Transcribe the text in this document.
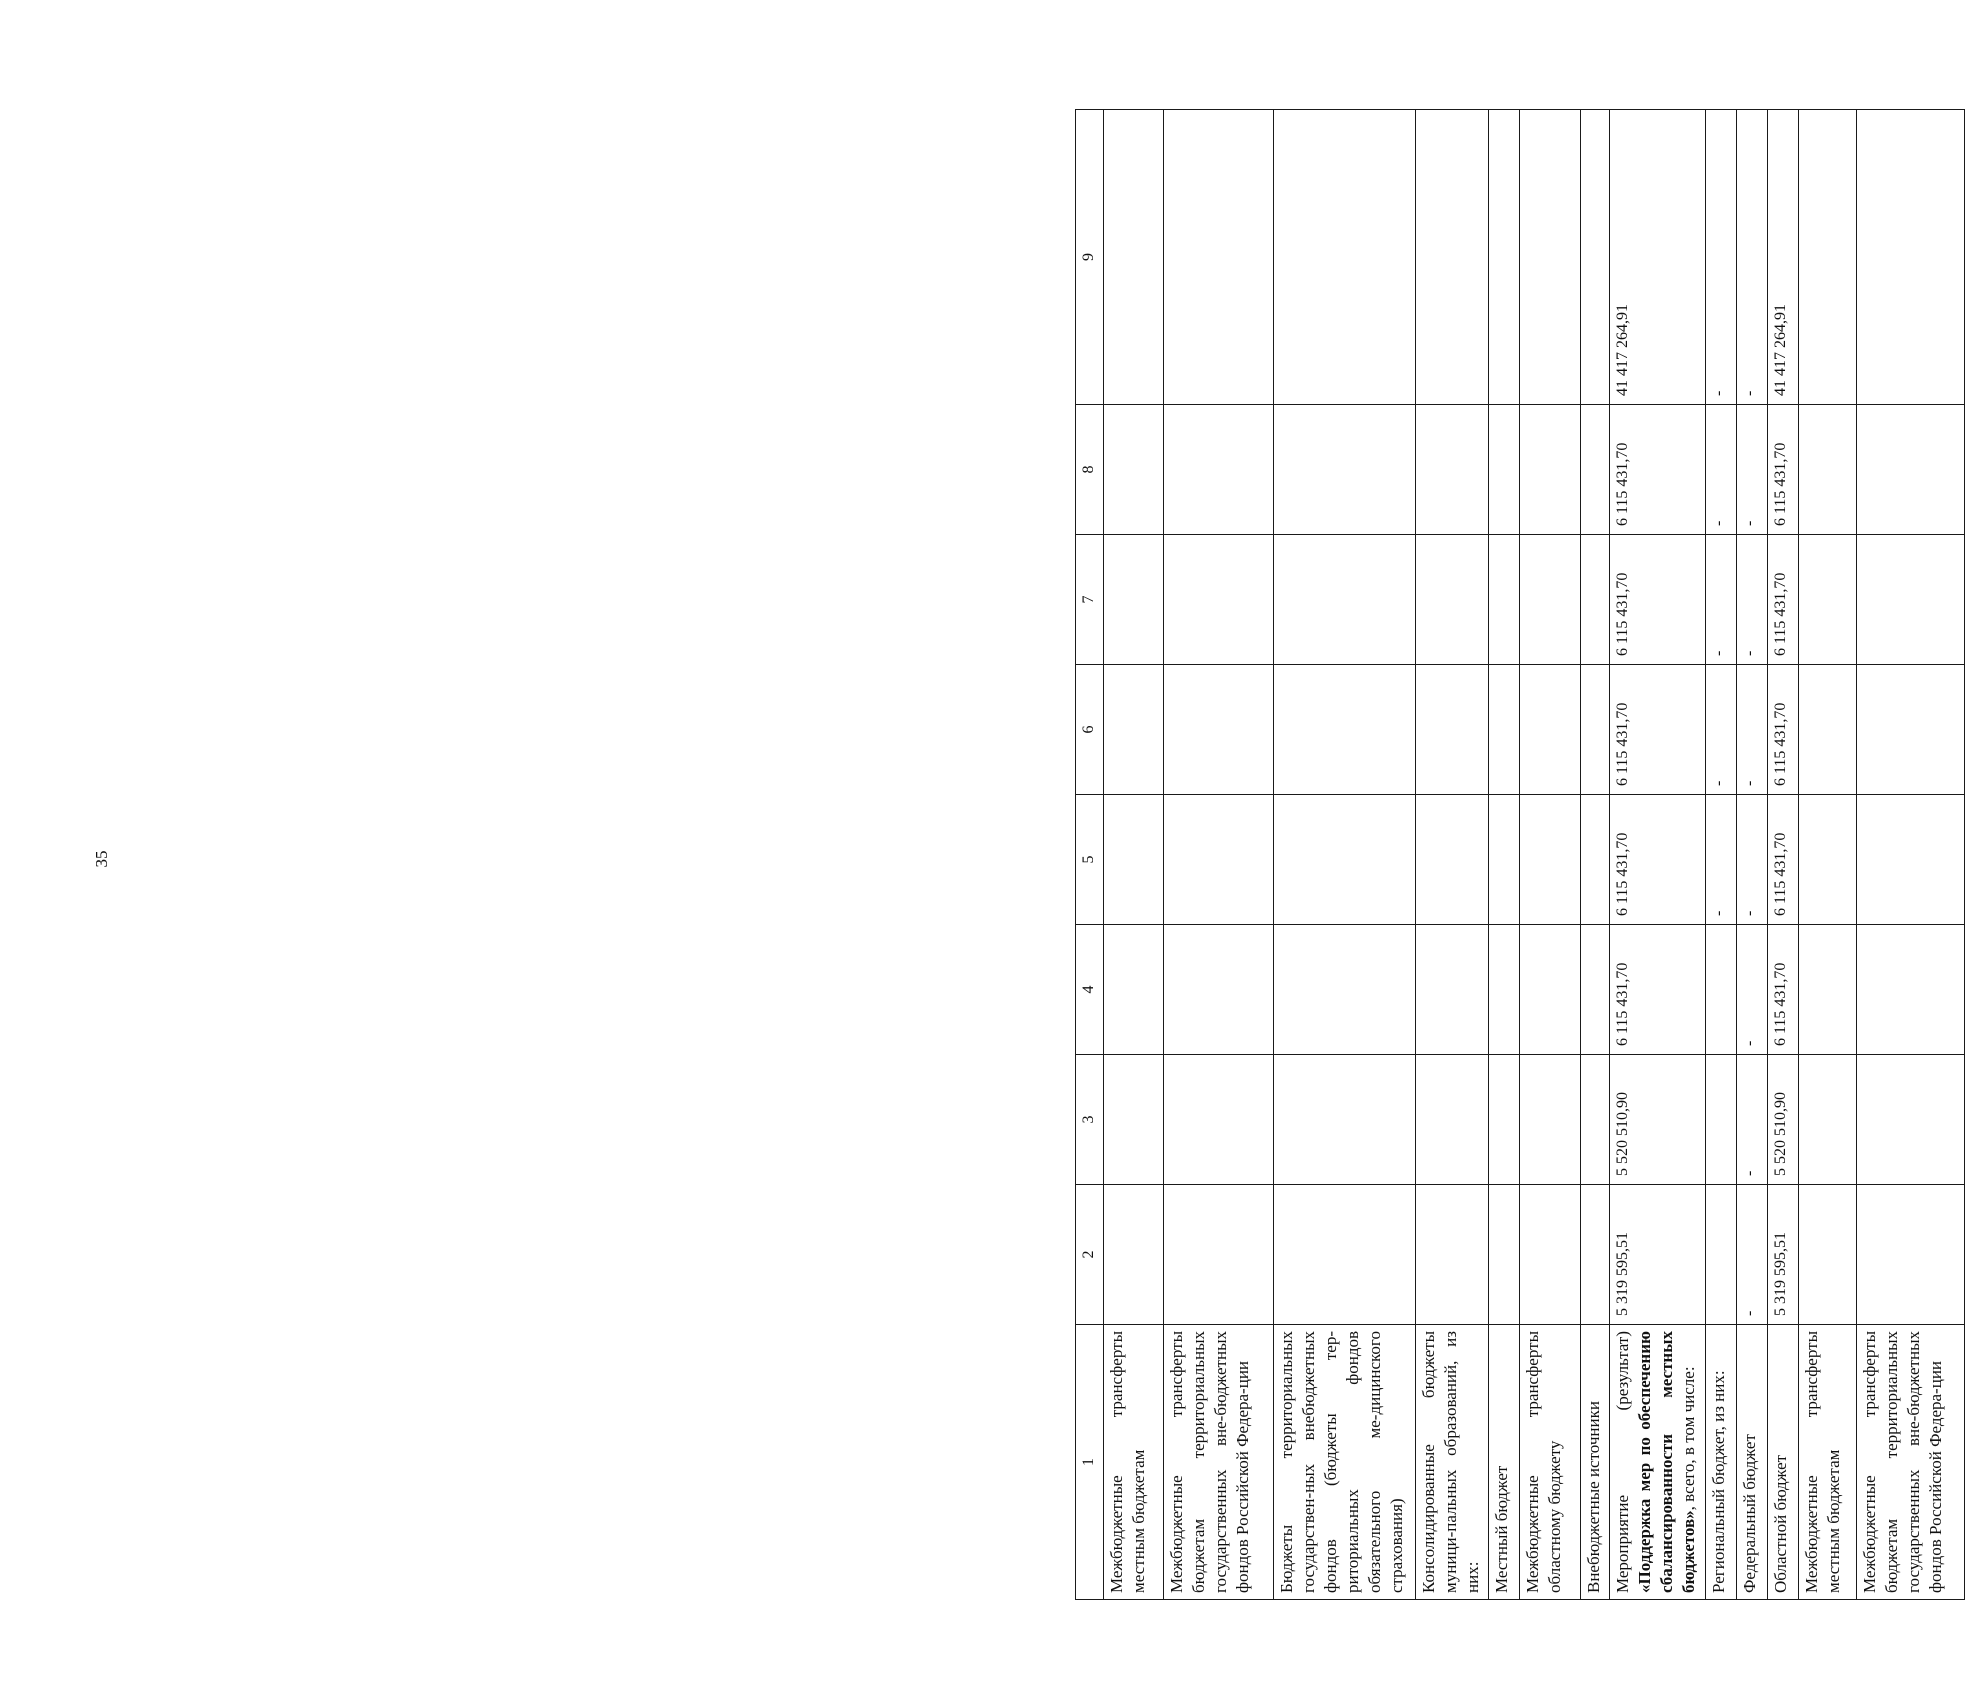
35
1	2	3	4	5	6	7	8	9
Межбюджетные трансферты местным бюджетам								
Межбюджетные трансферты бюджетам территориальных государственных вне-бюджетных фондов Российской Федера-ции								
Бюджеты территориальных государствен-ных внебюджетных фондов (бюджеты тер-риториальных фондов обязательного ме-дицинского страхования)								
Консолидированные бюджеты муници-пальных образований, из них:								
Местный бюджет								
Межбюджетные трансферты областному бюджету								
Внебюджетные источники								
Мероприятие (результат) «Поддержка мер по обеспечению сбалансированности местных бюджетов», всего, в том числе:	5 319 595,51	5 520 510,90	6 115 431,70	6 115 431,70	6 115 431,70	6 115 431,70	6 115 431,70	41 417 264,91
Региональный бюджет, из них:				-	-	-	-	-
Федеральный бюджет	-	-	-	-	-	-	-	-
Областной бюджет	5 319 595,51	5 520 510,90	6 115 431,70	6 115 431,70	6 115 431,70	6 115 431,70	6 115 431,70	41 417 264,91
Межбюджетные трансферты местным бюджетам								
Межбюджетные трансферты бюджетам территориальных государственных вне-бюджетных фондов Российской Федера-ции								
